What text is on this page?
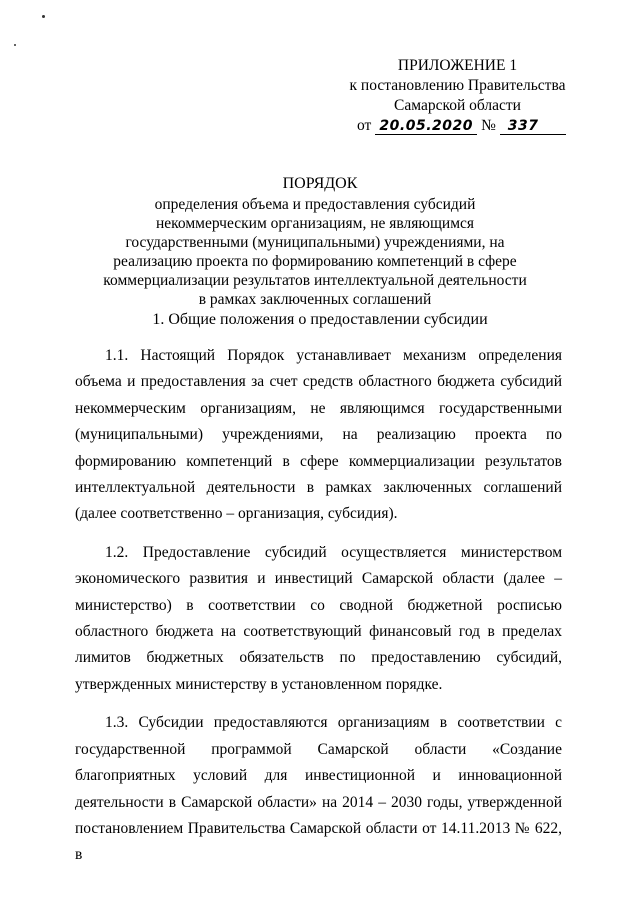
ПРИЛОЖЕНИЕ 1
к постановлению Правительства
Самарской области
от 20.05.2020 № 337
ПОРЯДОК
определения объема и предоставления субсидий некоммерческим организациям, не являющимся государственными (муниципальными) учреждениями, на реализацию проекта по формированию компетенций в сфере коммерциализации результатов интеллектуальной деятельности в рамках заключенных соглашений
1. Общие положения о предоставлении субсидии

1.1. Настоящий Порядок устанавливает механизм определения объема и предоставления за счет средств областного бюджета субсидий некоммерческим организациям, не являющимся государственными (муниципальными) учреждениями, на реализацию проекта по формированию компетенций в сфере коммерциализации результатов интеллектуальной деятельности в рамках заключенных соглашений (далее соответственно – организация, субсидия).

1.2. Предоставление субсидий осуществляется министерством экономического развития и инвестиций Самарской области (далее – министерство) в соответствии со сводной бюджетной росписью областного бюджета на соответствующий финансовый год в пределах лимитов бюджетных обязательств по предоставлению субсидий, утвержденных министерству в установленном порядке.

1.3. Субсидии предоставляются организациям в соответствии с государственной программой Самарской области «Создание благоприятных условий для инвестиционной и инновационной деятельности в Самарской области» на 2014 – 2030 годы, утвержденной постановлением Правительства Самарской области от 14.11.2013 № 622, в
